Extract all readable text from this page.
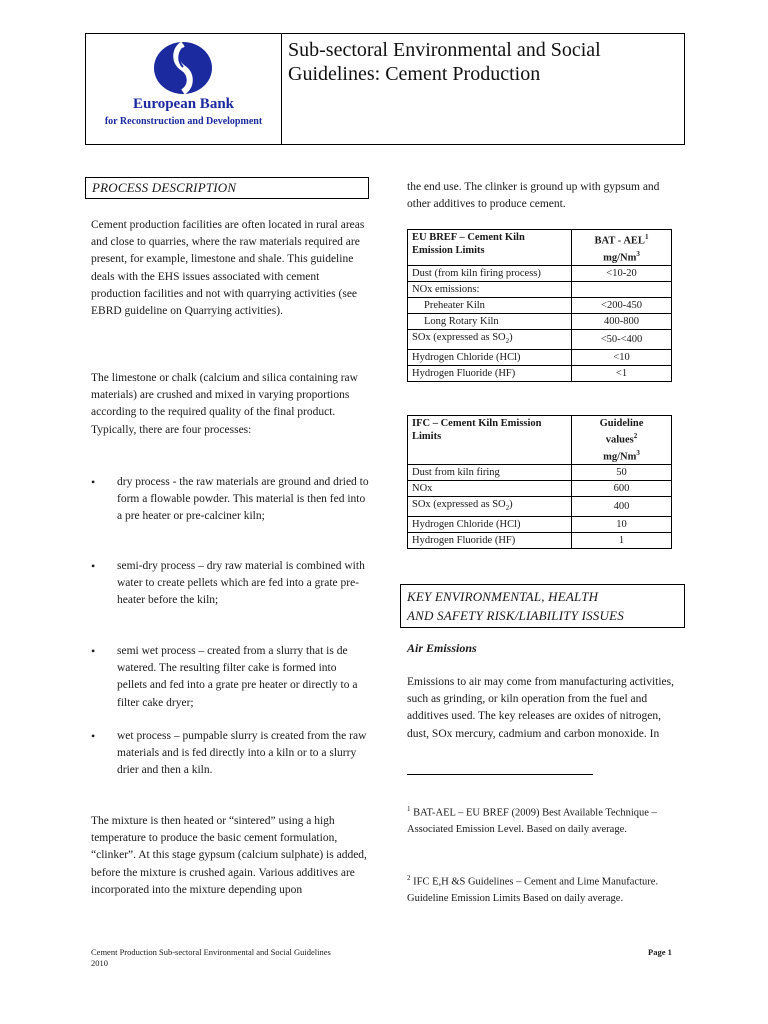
European Bank
for Reconstruction and Development
Sub-sectoral Environmental and Social
Guidelines: Cement Production
PROCESS DESCRIPTION

Cement production facilities are often located in rural areas and close to quarries, where the raw materials required are present, for example, limestone and shale. This guideline deals with the EHS issues associated with cement production facilities and not with quarrying activities (see EBRD guideline on Quarrying activities).

The limestone or chalk (calcium and silica containing raw materials) are crushed and mixed in varying proportions according to the required quality of the final product. Typically, there are four processes:

• dry process - the raw materials are ground and dried to form a flowable powder. This material is then fed into a pre heater or pre-calciner kiln;
• semi-dry process – dry raw material is combined with water to create pellets which are fed into a grate pre-heater before the kiln;
• semi wet process – created from a slurry that is de watered. The resulting filter cake is formed into pellets and fed into a grate pre heater or directly to a filter cake dryer;
• wet process – pumpable slurry is created from the raw materials and is fed directly into a kiln or to a slurry drier and then a kiln.

The mixture is then heated or “sintered” using a high temperature to produce the basic cement formulation, “clinker”. At this stage gypsum (calcium sulphate) is added, before the mixture is crushed again. Various additives are incorporated into the mixture depending upon

the end use. The clinker is ground up with gypsum and other additives to produce cement.

EU BREF – Cement Kiln Emission Limits	BAT - AEL$^1$
mg/Nm$^3$
Dust (from kiln firing process)	<10-20
NOx emissions:	
Preheater Kiln	<200-450
Long Rotary Kiln	400-800
SOx (expressed as $SO_2$)	<50-<400
Hydrogen Chloride (HCl)	<10
Hydrogen Fluoride (HF)	<1
IFC – Cement Kiln Emission Limits	Guideline
values$^2$
mg/Nm$^3$
Dust from kiln firing	50
NOx	600
SOx (expressed as $SO_2$)	400
Hydrogen Chloride (HCl)	10
Hydrogen Fluoride (HF)	1
KEY ENVIRONMENTAL, HEALTH
AND SAFETY RISK/LIABILITY ISSUES
Air Emissions

Emissions to air may come from manufacturing activities, such as grinding, or kiln operation from the fuel and additives used. The key releases are oxides of nitrogen, dust, SOx mercury, cadmium and carbon monoxide. In

$^1$ BAT-AEL – EU BREF (2009) Best Available Technique – Associated Emission Level. Based on daily average.
$^2$ IFC E,H &S Guidelines – Cement and Lime Manufacture. Guideline Emission Limits Based on daily average.
Cement Production Sub-sectoral Environmental and Social Guidelines
2010
Page 1
